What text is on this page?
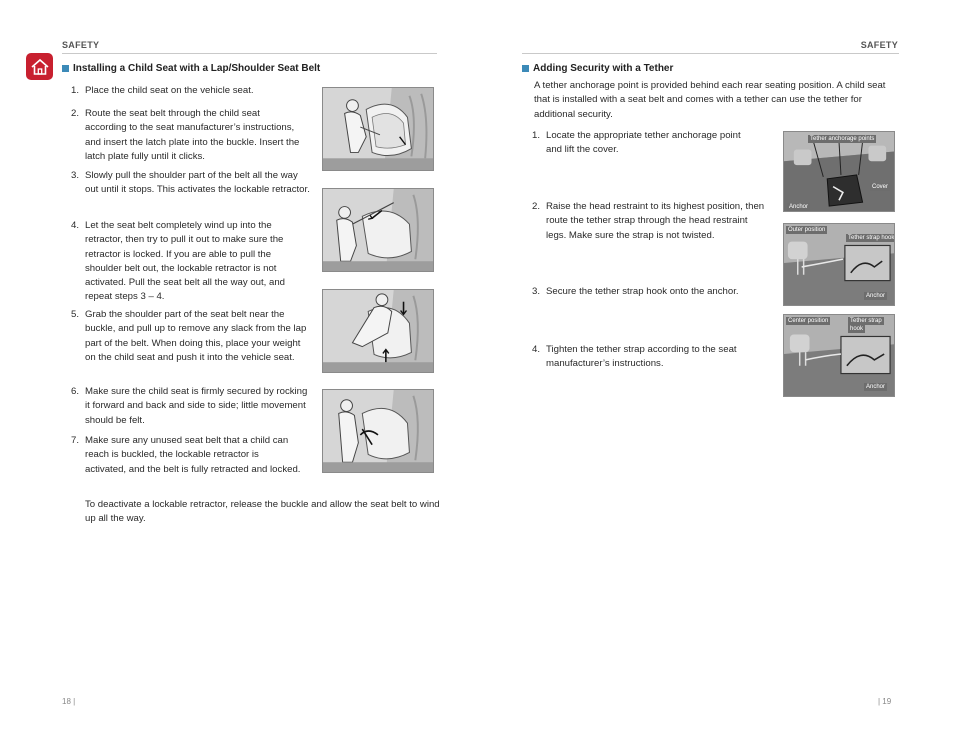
SAFETY
Installing a Child Seat with a Lap/Shoulder Seat Belt
1. Place the child seat on the vehicle seat.
2. Route the seat belt through the child seat according to the seat manufacturer’s instructions, and insert the latch plate into the buckle. Insert the latch plate fully until it clicks.
3. Slowly pull the shoulder part of the belt all the way out until it stops. This activates the lockable retractor.
4. Let the seat belt completely wind up into the retractor, then try to pull it out to make sure the retractor is locked. If you are able to pull the shoulder belt out, the lockable retractor is not activated. Pull the seat belt all the way out, and repeat steps 3 – 4.
5. Grab the shoulder part of the seat belt near the buckle, and pull up to remove any slack from the lap part of the belt. When doing this, place your weight on the child seat and push it into the vehicle seat.
6. Make sure the child seat is firmly secured by rocking it forward and back and side to side; little movement should be felt.
7. Make sure any unused seat belt that a child can reach is buckled, the lockable retractor is activated, and the belt is fully retracted and locked.
To deactivate a lockable retractor, release the buckle and allow the seat belt to wind up all the way.
18 |
SAFETY
Adding Security with a Tether
A tether anchorage point is provided behind each rear seating position. A child seat that is installed with a seat belt and comes with a tether can use the tether for additional security.
1. Locate the appropriate tether anchorage point and lift the cover.
2. Raise the head restraint to its highest position, then route the tether strap through the head restraint legs. Make sure the strap is not twisted.
3. Secure the tether strap hook onto the anchor.
4. Tighten the tether strap according to the seat manufacturer’s instructions.
Tether anchorage points
Cover
Anchor
Outer position
Tether strap hook
Anchor
Center position	Tether strap
hook
Anchor
| 19
